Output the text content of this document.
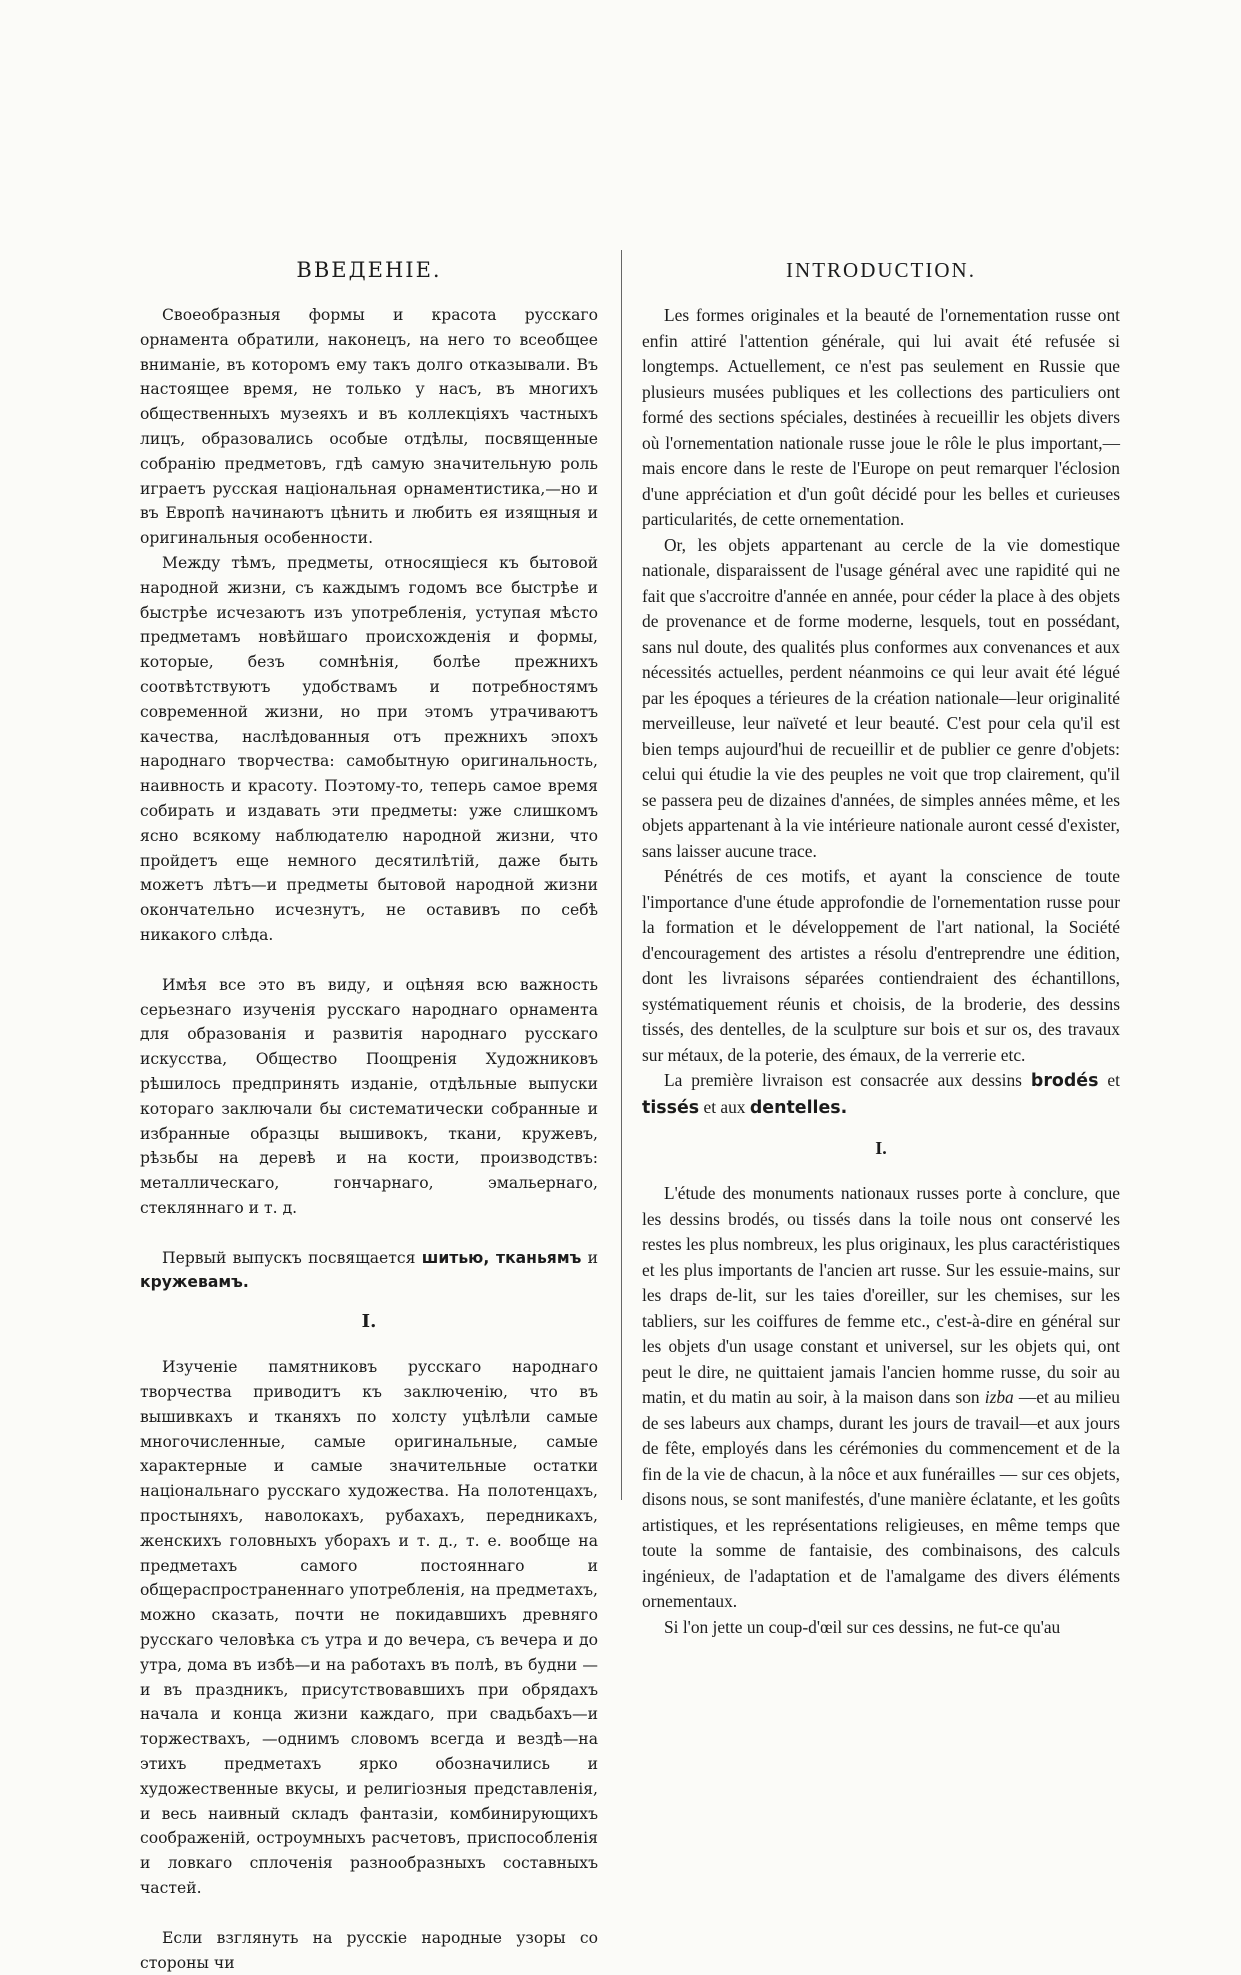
ВВЕДЕНІЕ.

Своеобразныя формы и красота русскаго орнамента обратили, наконецъ, на него то всеобщее вниманіе, въ которомъ ему такъ долго отказывали. Въ настоящее время, не только у насъ, въ многихъ общественныхъ музеяхъ и въ коллекціяхъ частныхъ лицъ, образовались особые отдѣлы, посвященные собранію предметовъ, гдѣ самую значительную роль играетъ русская національная орнаментистика,—но и въ Европѣ начинаютъ цѣнить и любить ея изящныя и оригинальныя особенности.

Между тѣмъ, предметы, относящіеся къ бытовой народной жизни, съ каждымъ годомъ все быстрѣе и быстрѣе исчезаютъ изъ употребленія, уступая мѣсто предметамъ новѣйшаго происхожденія и формы, которые, безъ сомнѣнія, болѣе прежнихъ соотвѣтствуютъ удобствамъ и потребностямъ современной жизни, но при этомъ утрачиваютъ качества, наслѣдованныя отъ прежнихъ эпохъ народнаго творчества: самобытную оригинальность, наивность и красоту. Поэтому-то, теперь самое время собирать и издавать эти предметы: уже слишкомъ ясно всякому наблюдателю народной жизни, что пройдетъ еще немного десятилѣтій, даже быть можетъ лѣтъ—и предметы бытовой народной жизни окончательно исчезнутъ, не оставивъ по себѣ никакого слѣда.

Имѣя все это въ виду, и оцѣняя всю важность серьезнаго изученія русскаго народнаго орнамента для образованія и развитія народнаго русскаго искусства, Общество Поощренія Художниковъ рѣшилось предпринять изданіе, отдѣльные выпуски котораго заключали бы систематически собранные и избранные образцы вышивокъ, ткани, кружевъ, рѣзьбы на деревѣ и на кости, производствъ: металлическаго, гончарнаго, эмальернаго, стекляннаго и т. д.

Первый выпускъ посвящается шитью, тканьямъ и кружевамъ.

I.

Изученіе памятниковъ русскаго народнаго творчества приводитъ къ заключенію, что въ вышивкахъ и тканяхъ по холсту уцѣлѣли самые многочисленные, самые оригинальные, самые характерные и самые значительные остатки національнаго русскаго художества. На полотенцахъ, простыняхъ, наволокахъ, рубахахъ, передникахъ, женскихъ головныхъ уборахъ и т. д., т. е. вообще на предметахъ самого постояннаго и общераспространеннаго употребленія, на предметахъ, можно сказать, почти не покидавшихъ древняго русскаго человѣка съ утра и до вечера, съ вечера и до утра, дома въ избѣ—и на работахъ въ полѣ, въ будни — и въ праздникъ, присутствовавшихъ при обрядахъ начала и конца жизни каждаго, при свадьбахъ—и торжествахъ, —однимъ словомъ всегда и вездѣ—на этихъ предметахъ ярко обозначились и художественные вкусы, и религіозныя представленія, и весь наивный складъ фантазіи, комбинирующихъ соображеній, остроумныхъ расчетовъ, приспособленія и ловкаго сплоченія разнообразныхъ составныхъ частей.

Если взглянуть на русскіе народные узоры со стороны чи

INTRODUCTION.

Les formes originales et la beauté de l'ornementation russe ont enfin attiré l'attention générale, qui lui avait été refusée si longtemps. Actuellement, ce n'est pas seulement en Russie que plusieurs musées publiques et les collections des particuliers ont formé des sections spéciales, destinées à recueillir les objets divers où l'ornementation nationale russe joue le rôle le plus important,—mais encore dans le reste de l'Europe on peut remarquer l'éclosion d'une appréciation et d'un goût décidé pour les belles et curieuses particularités, de cette ornementation.

Or, les objets appartenant au cercle de la vie domestique nationale, disparaissent de l'usage général avec une rapidité qui ne fait que s'accroitre d'année en année, pour céder la place à des objets de provenance et de forme moderne, lesquels, tout en possédant, sans nul doute, des qualités plus conformes aux convenances et aux nécessités actuelles, perdent néanmoins ce qui leur avait été légué par les époques a térieures de la création nationale—leur originalité merveilleuse, leur naïveté et leur beauté. C'est pour cela qu'il est bien temps aujourd'hui de recueillir et de publier ce genre d'objets: celui qui étudie la vie des peuples ne voit que trop clairement, qu'il se passera peu de dizaines d'années, de simples années même, et les objets appartenant à la vie intérieure nationale auront cessé d'exister, sans laisser aucune trace.

Pénétrés de ces motifs, et ayant la conscience de toute l'importance d'une étude approfondie de l'ornementation russe pour la formation et le développement de l'art national, la Société d'encouragement des artistes a résolu d'entreprendre une édition, dont les livraisons séparées contiendraient des échantillons, systématiquement réunis et choisis, de la broderie, des dessins tissés, des dentelles, de la sculpture sur bois et sur os, des travaux sur métaux, de la poterie, des émaux, de la verrerie etc.

La première livraison est consacrée aux dessins brodés et tissés et aux dentelles.

I.

L'étude des monuments nationaux russes porte à conclure, que les dessins brodés, ou tissés dans la toile nous ont conservé les restes les plus nombreux, les plus originaux, les plus caractéristiques et les plus importants de l'ancien art russe. Sur les essuie-mains, sur les draps de-lit, sur les taies d'oreiller, sur les chemises, sur les tabliers, sur les coiffures de femme etc., c'est-à-dire en général sur les objets d'un usage constant et universel, sur les objets qui, ont peut le dire, ne quittaient jamais l'ancien homme russe, du soir au matin, et du matin au soir, à la maison dans son izba —et au milieu de ses labeurs aux champs, durant les jours de travail—et aux jours de fête, employés dans les cérémonies du commencement et de la fin de la vie de chacun, à la nôce et aux funérailles — sur ces objets, disons nous, se sont manifestés, d'une manière éclatante, et les goûts artistiques, et les représentations religieuses, en même temps que toute la somme de fantaisie, des combinaisons, des calculs ingénieux, de l'adaptation et de l'amalgame des divers éléments ornementaux.

Si l'on jette un coup-d'œil sur ces dessins, ne fut-ce qu'au
